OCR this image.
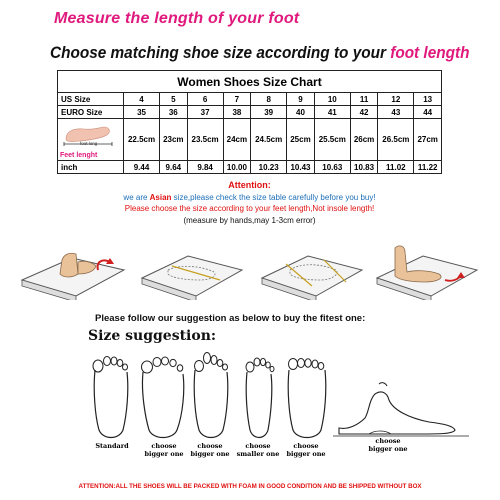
Measure the length of your foot
Choose matching shoe size according to your foot length
Women Shoes Size Chart										
US Size	4	5	6	7	8	9	10	11	12	13
EURO Size	35	36	37	38	39	40	41	42	43	44

foot long
Feet lenght	22.5cm	23cm	23.5cm	24cm	24.5cm	25cm	25.5cm	26cm	26.5cm	27cm
inch	9.44	9.64	9.84	10.00	10.23	10.43	10.63	10.83	11.02	11.22
Attention:
we are Asian size,please check the size table carefully before you buy!
Please choose the size according to your feet length,Not insole length!
(measure by hands,may 1-3cm error)
Please follow our suggestion as below to buy the fitest one:
Size suggestion:
Standard	choose
bigger one
choose
bigger one
choose
smaller one
choose
bigger one
choose
bigger one
ATTENTION:ALL THE SHOES WILL BE PACKED WITH FOAM IN GOOD CONDITION AND BE SHIPPED WITHOUT BOX
